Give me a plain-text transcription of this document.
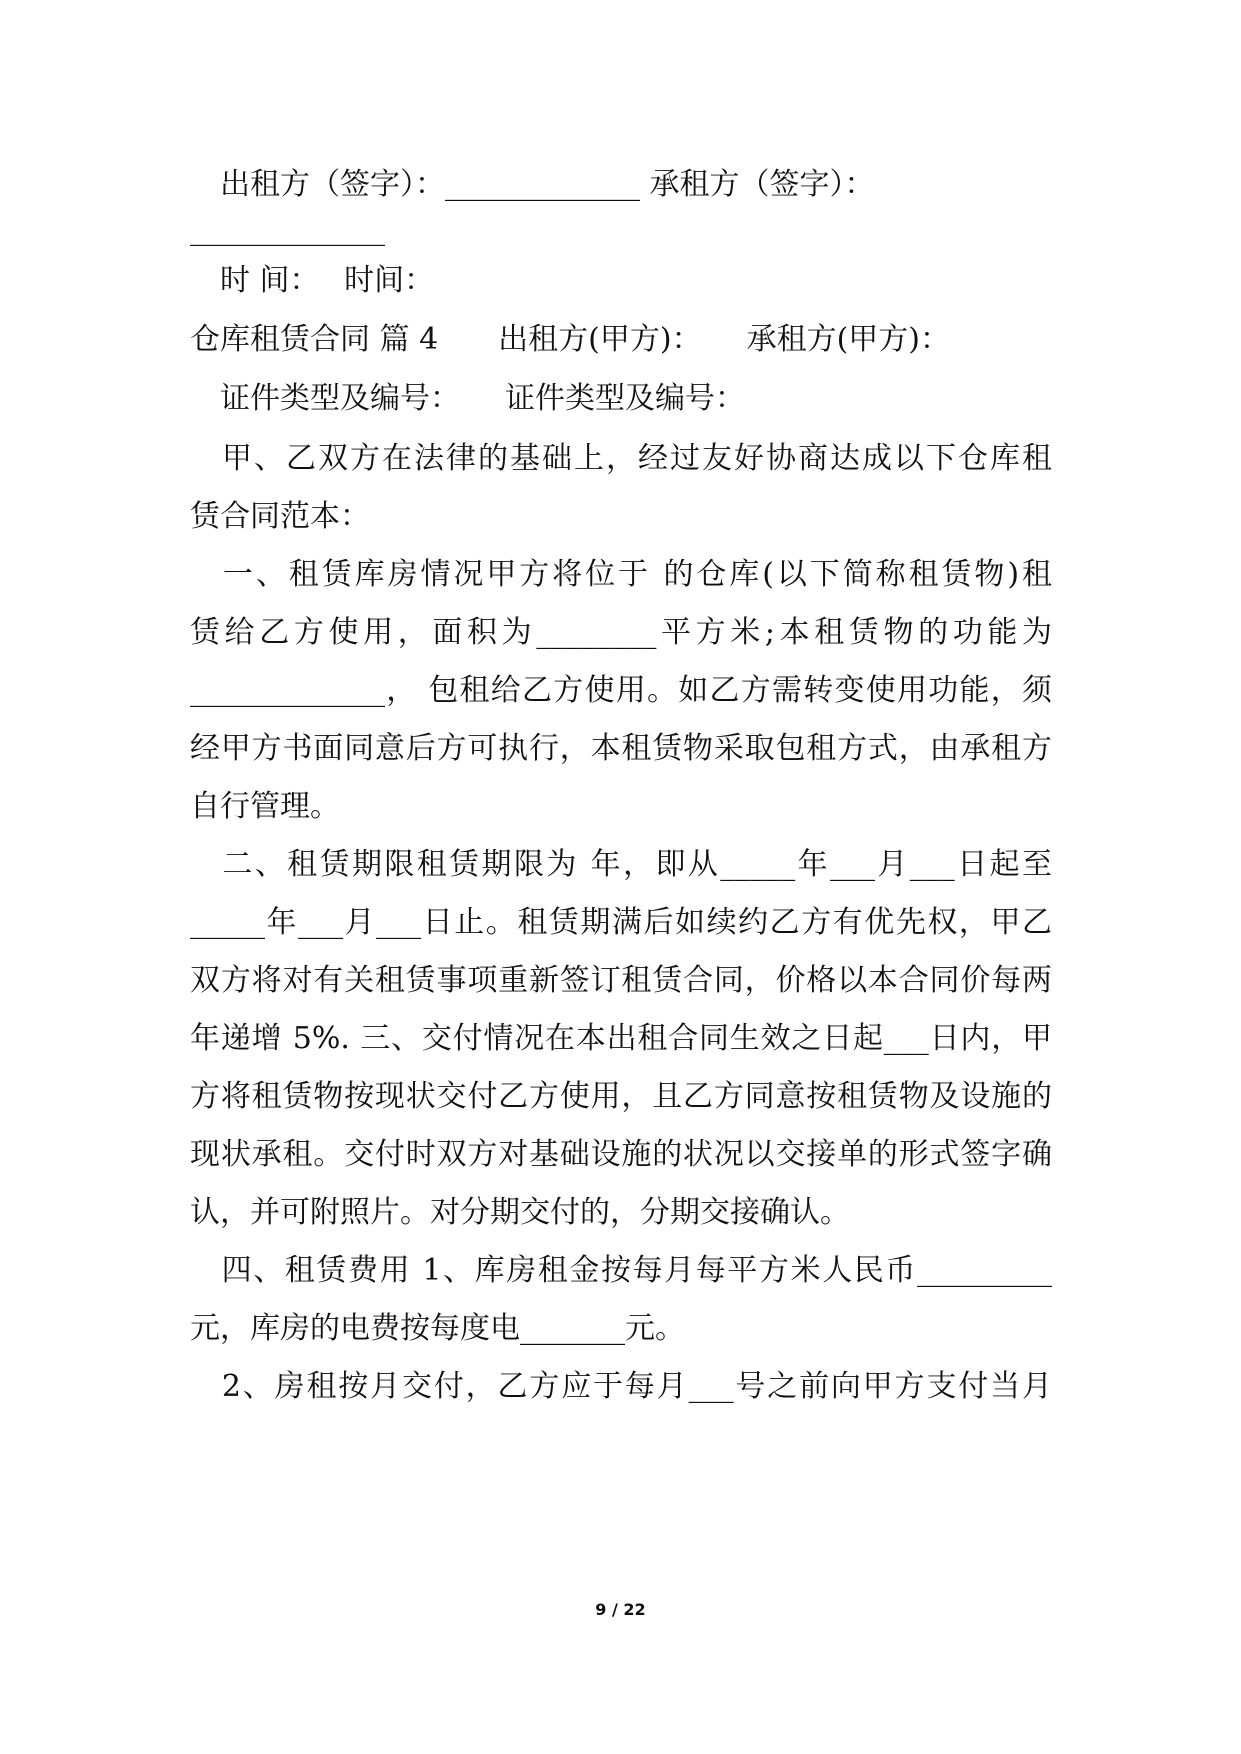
　出租方（签字）：_____________ 承租方（签字）：
_____________
　时 间：　 时间：
仓库租赁合同 篇 4　　出租方(甲方)：　　承租方(甲方)：
　证件类型及编号：　　证件类型及编号：
　甲、乙双方在法律的基础上，经过友好协商达成以下仓库租
赁合同范本：
　一、租赁库房情况甲方将位于 的仓库(以下简称租赁物)租
赁给乙方使用，面积为________平方米;本租赁物的功能为
_____________， 包租给乙方使用。如乙方需转变使用功能，须
经甲方书面同意后方可执行，本租赁物采取包租方式，由承租方
自行管理。
　二、租赁期限租赁期限为 年，即从_____年___月___日起至
_____年___月___日止。租赁期满后如续约乙方有优先权，甲乙
双方将对有关租赁事项重新签订租赁合同，价格以本合同价每两
年递增 5%. 三、交付情况在本出租合同生效之日起___日内，甲
方将租赁物按现状交付乙方使用，且乙方同意按租赁物及设施的
现状承租。交付时双方对基础设施的状况以交接单的形式签字确
认，并可附照片。对分期交付的，分期交接确认。
　四、租赁费用 1、库房租金按每月每平方米人民币_________
元，库房的电费按每度电_______元。
　2、房租按月交付，乙方应于每月___号之前向甲方支付当月
9 / 22
